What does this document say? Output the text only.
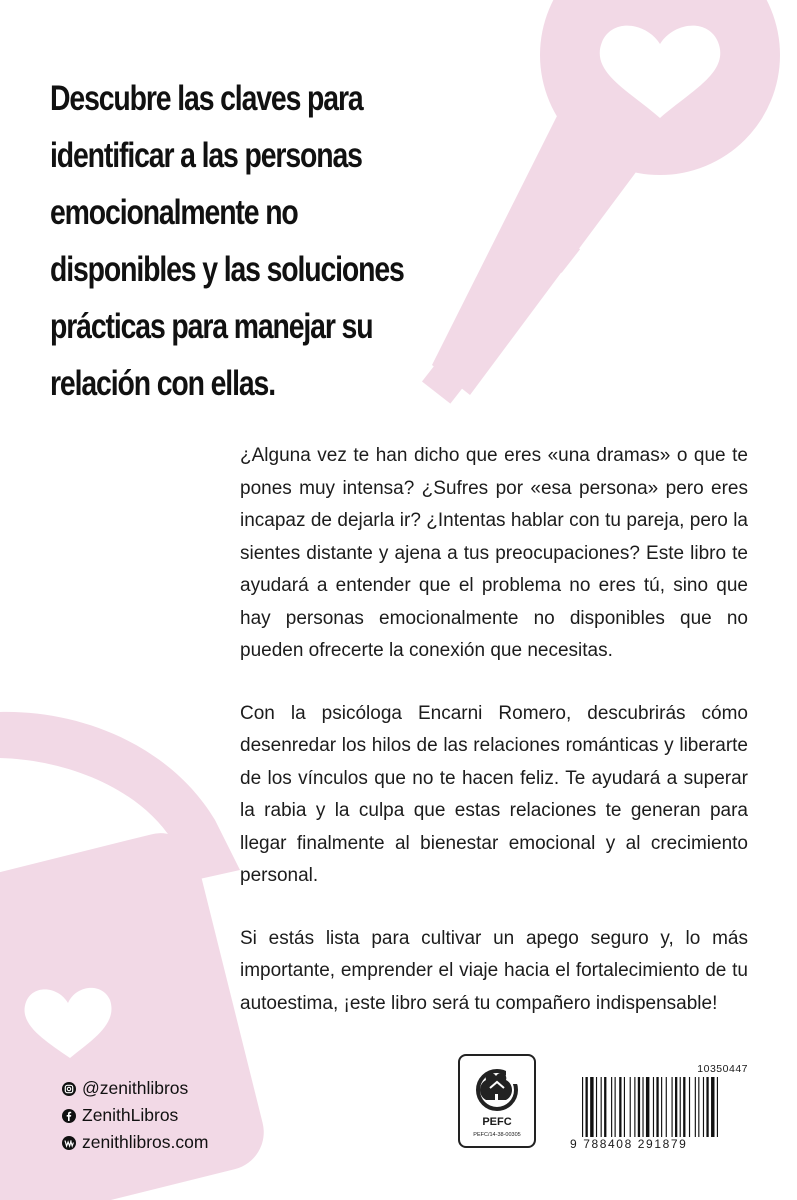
Descubre las claves para
identificar a las personas
emocionalmente no
disponibles y las soluciones
prácticas para manejar su
relación con ellas.

¿Alguna vez te han dicho que eres «una dramas» o que te pones muy intensa? ¿Sufres por «esa persona» pero eres incapaz de dejarla ir? ¿Intentas hablar con tu pareja, pero la sientes distante y ajena a tus preocupaciones? Este libro te ayudará a entender que el problema no eres tú, sino que hay personas emocionalmente no disponibles que no pueden ofrecerte la conexión que necesitas.

Con la psicóloga Encarni Romero, descubrirás cómo desenredar los hilos de las relaciones románticas y liberarte de los vínculos que no te hacen feliz. Te ayudará a superar la rabia y la culpa que estas relaciones te generan para llegar finalmente al bienestar emocional y al crecimiento personal.

Si estás lista para cultivar un apego seguro y, lo más importante, emprender el viaje hacia el fortalecimiento de tu autoestima, ¡este libro será tu compañero indispensable!

@zenithlibros
ZenithLibros
zenithlibros.com
PEFC
PEFC/14-38-00305
10350447
9 788408 291879
